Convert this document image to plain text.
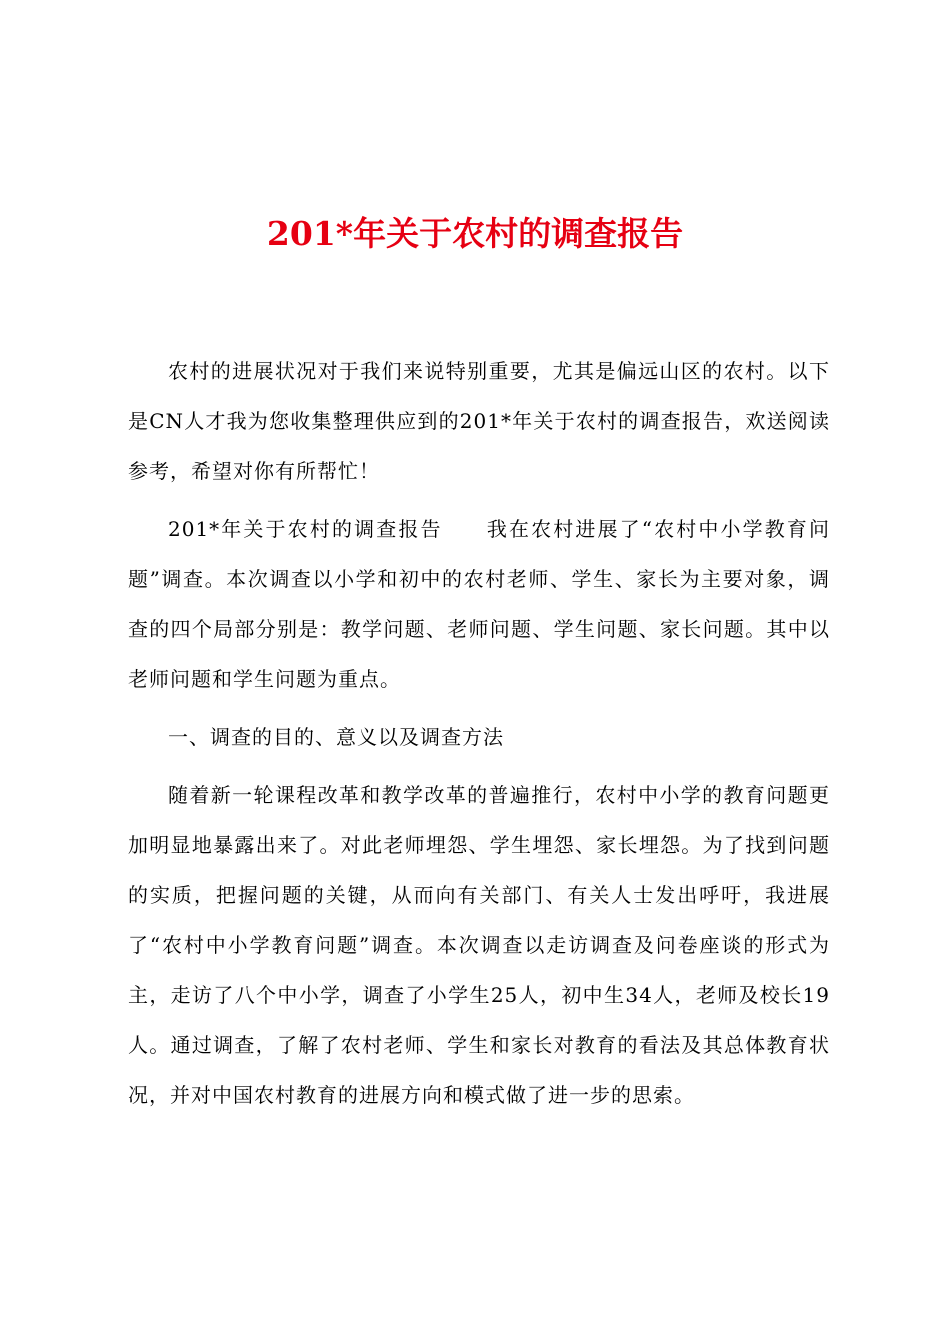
201*年关于农村的调查报告

农村的进展状况对于我们来说特别重要，尤其是偏远山区的农村。以下是CN人才我为您收集整理供应到的201*年关于农村的调查报告，欢送阅读参考，希望对你有所帮忙！

201*年关于农村的调查报告　　我在农村进展了“农村中小学教育问题”调查。本次调查以小学和初中的农村老师、学生、家长为主要对象，调查的四个局部分别是：教学问题、老师问题、学生问题、家长问题。其中以老师问题和学生问题为重点。

一、调查的目的、意义以及调查方法

随着新一轮课程改革和教学改革的普遍推行，农村中小学的教育问题更加明显地暴露出来了。对此老师埋怨、学生埋怨、家长埋怨。为了找到问题的实质，把握问题的关键，从而向有关部门、有关人士发出呼吁，我进展了“农村中小学教育问题”调查。本次调查以走访调查及问卷座谈的形式为主，走访了八个中小学，调查了小学生25人，初中生34人，老师及校长19人。通过调查，了解了农村老师、学生和家长对教育的看法及其总体教育状况，并对中国农村教育的进展方向和模式做了进一步的思索。
